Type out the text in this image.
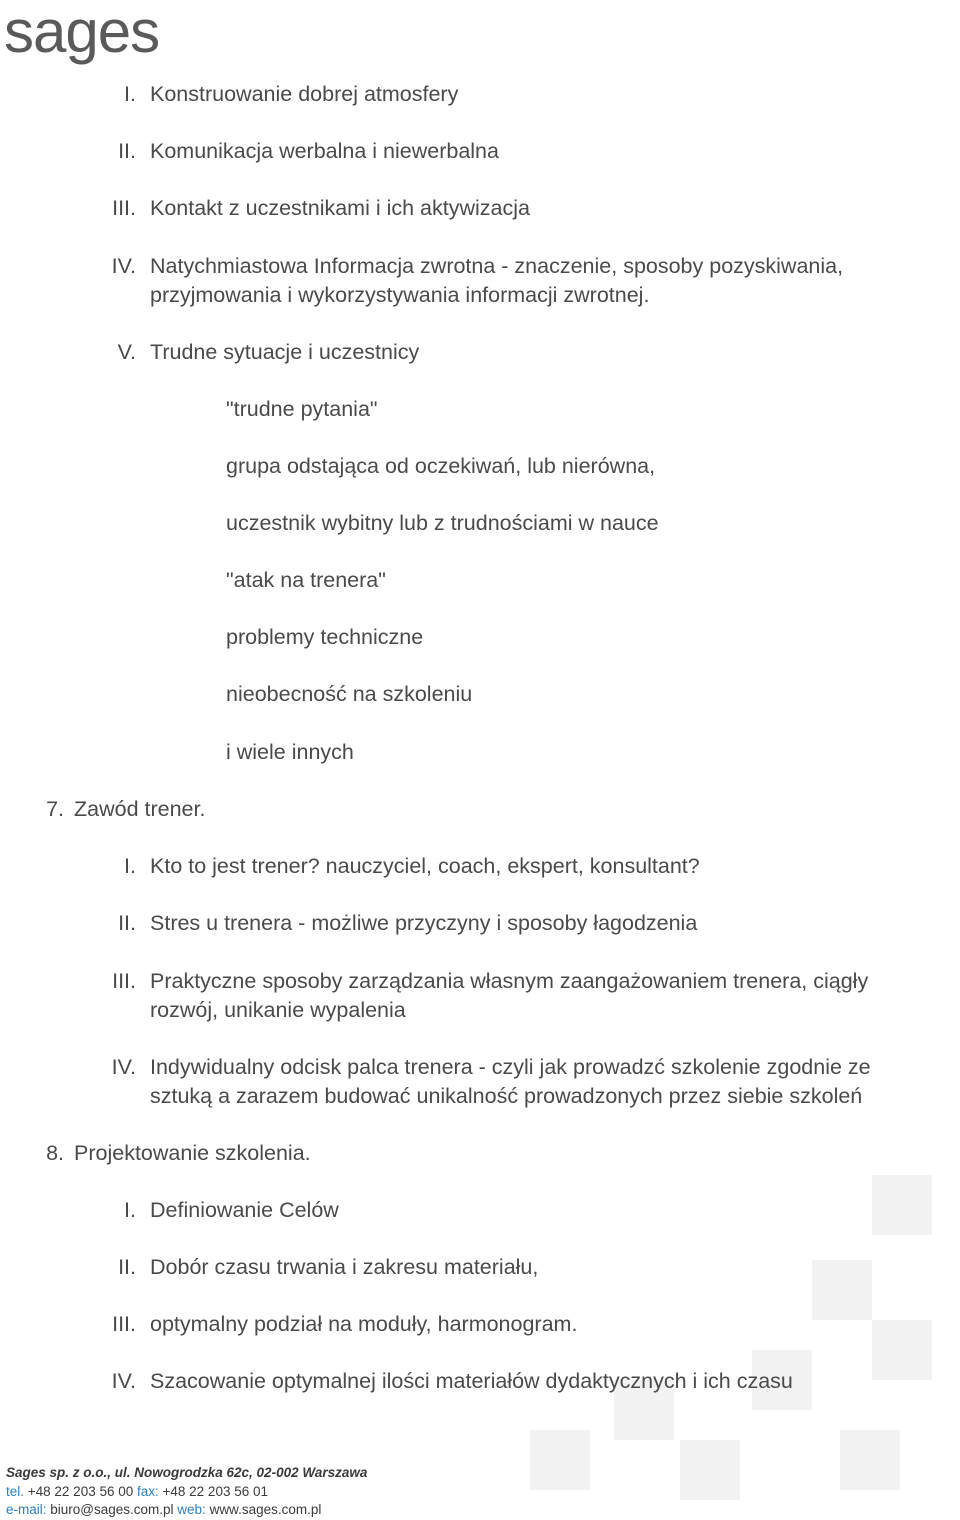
sages
I. Konstruowanie dobrej atmosfery
II. Komunikacja werbalna i niewerbalna
III. Kontakt z uczestnikami i ich aktywizacja
IV. Natychmiastowa Informacja zwrotna - znaczenie, sposoby pozyskiwania,
przyjmowania i wykorzystywania informacji zwrotnej.
V. Trudne sytuacje i uczestnicy
"trudne pytania"
grupa odstająca od oczekiwań, lub nierówna,
uczestnik wybitny lub z trudnościami w nauce
"atak na trenera"
problemy techniczne
nieobecność na szkoleniu
i wiele innych
7. Zawód trener.
I. Kto to jest trener? nauczyciel, coach, ekspert, konsultant?
II. Stres u trenera - możliwe przyczyny i sposoby łagodzenia
III. Praktyczne sposoby zarządzania własnym zaangażowaniem trenera, ciągły
rozwój, unikanie wypalenia
IV. Indywidualny odcisk palca trenera - czyli jak prowadzć szkolenie zgodnie ze
sztuką a zarazem budować unikalność prowadzonych przez siebie szkoleń
8. Projektowanie szkolenia.
I. Definiowanie Celów
II. Dobór czasu trwania i zakresu materiału,
III. optymalny podział na moduły, harmonogram.
IV. Szacowanie optymalnej ilości materiałów dydaktycznych i ich czasu
Sages sp. z o.o., ul. Nowogrodzka 62c, 02-002 Warszawa
tel. +48 22 203 56 00 fax: +48 22 203 56 01
e-mail: biuro@sages.com.pl web: www.sages.com.pl
